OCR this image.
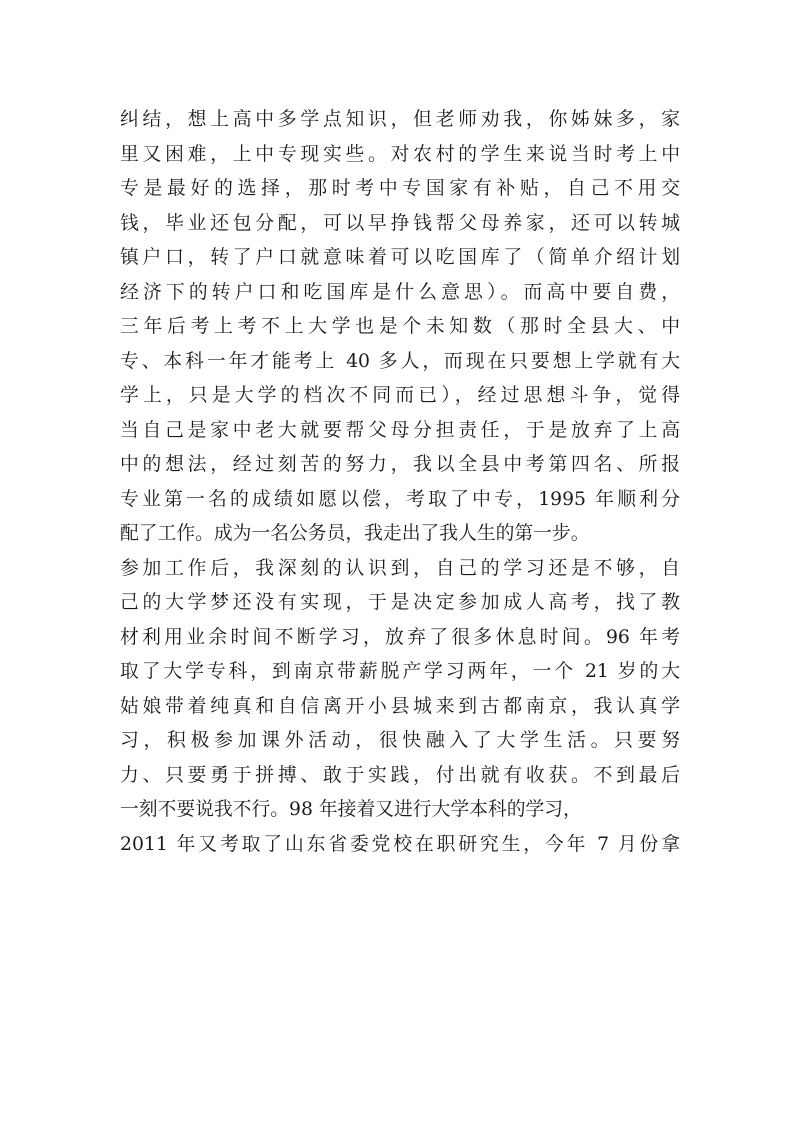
纠结，想上高中多学点知识，但老师劝我，你姊妹多，家
里又困难，上中专现实些。对农村的学生来说当时考上中
专是最好的选择，那时考中专国家有补贴，自己不用交
钱，毕业还包分配，可以早挣钱帮父母养家，还可以转城
镇户口，转了户口就意味着可以吃国库了（简单介绍计划
经济下的转户口和吃国库是什么意思）。而高中要自费，
三年后考上考不上大学也是个未知数（那时全县大、中
专、本科一年才能考上 40 多人，而现在只要想上学就有大
学上，只是大学的档次不同而已），经过思想斗争，觉得
当自己是家中老大就要帮父母分担责任，于是放弃了上高
中的想法，经过刻苦的努力，我以全县中考第四名、所报
专业第一名的成绩如愿以偿，考取了中专，1995 年顺利分
配了工作。成为一名公务员，我走出了我人生的第一步。
参加工作后，我深刻的认识到，自己的学习还是不够，自
己的大学梦还没有实现，于是决定参加成人高考，找了教
材利用业余时间不断学习，放弃了很多休息时间。96 年考
取了大学专科，到南京带薪脱产学习两年，一个 21 岁的大
姑娘带着纯真和自信离开小县城来到古都南京，我认真学
习，积极参加课外活动，很快融入了大学生活。只要努
力、只要勇于拼搏、敢于实践，付出就有收获。不到最后
一刻不要说我不行。98 年接着又进行大学本科的学习，
2011 年又考取了山东省委党校在职研究生，今年 7 月份拿
